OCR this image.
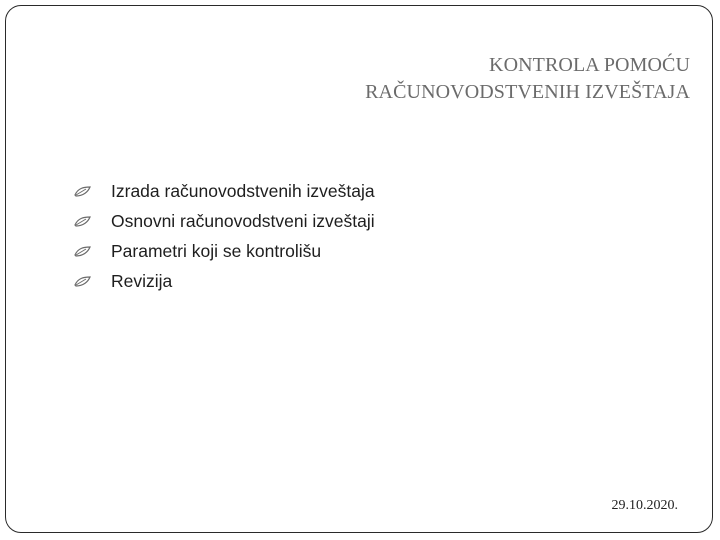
KONTROLA POMOĆU
RAČUNOVODSTVENIH IZVEŠTAJA
Izrada računovodstvenih izveštaja
Osnovni računovodstveni izveštaji
Parametri koji se kontrolišu
Revizija
29.10.2020.
